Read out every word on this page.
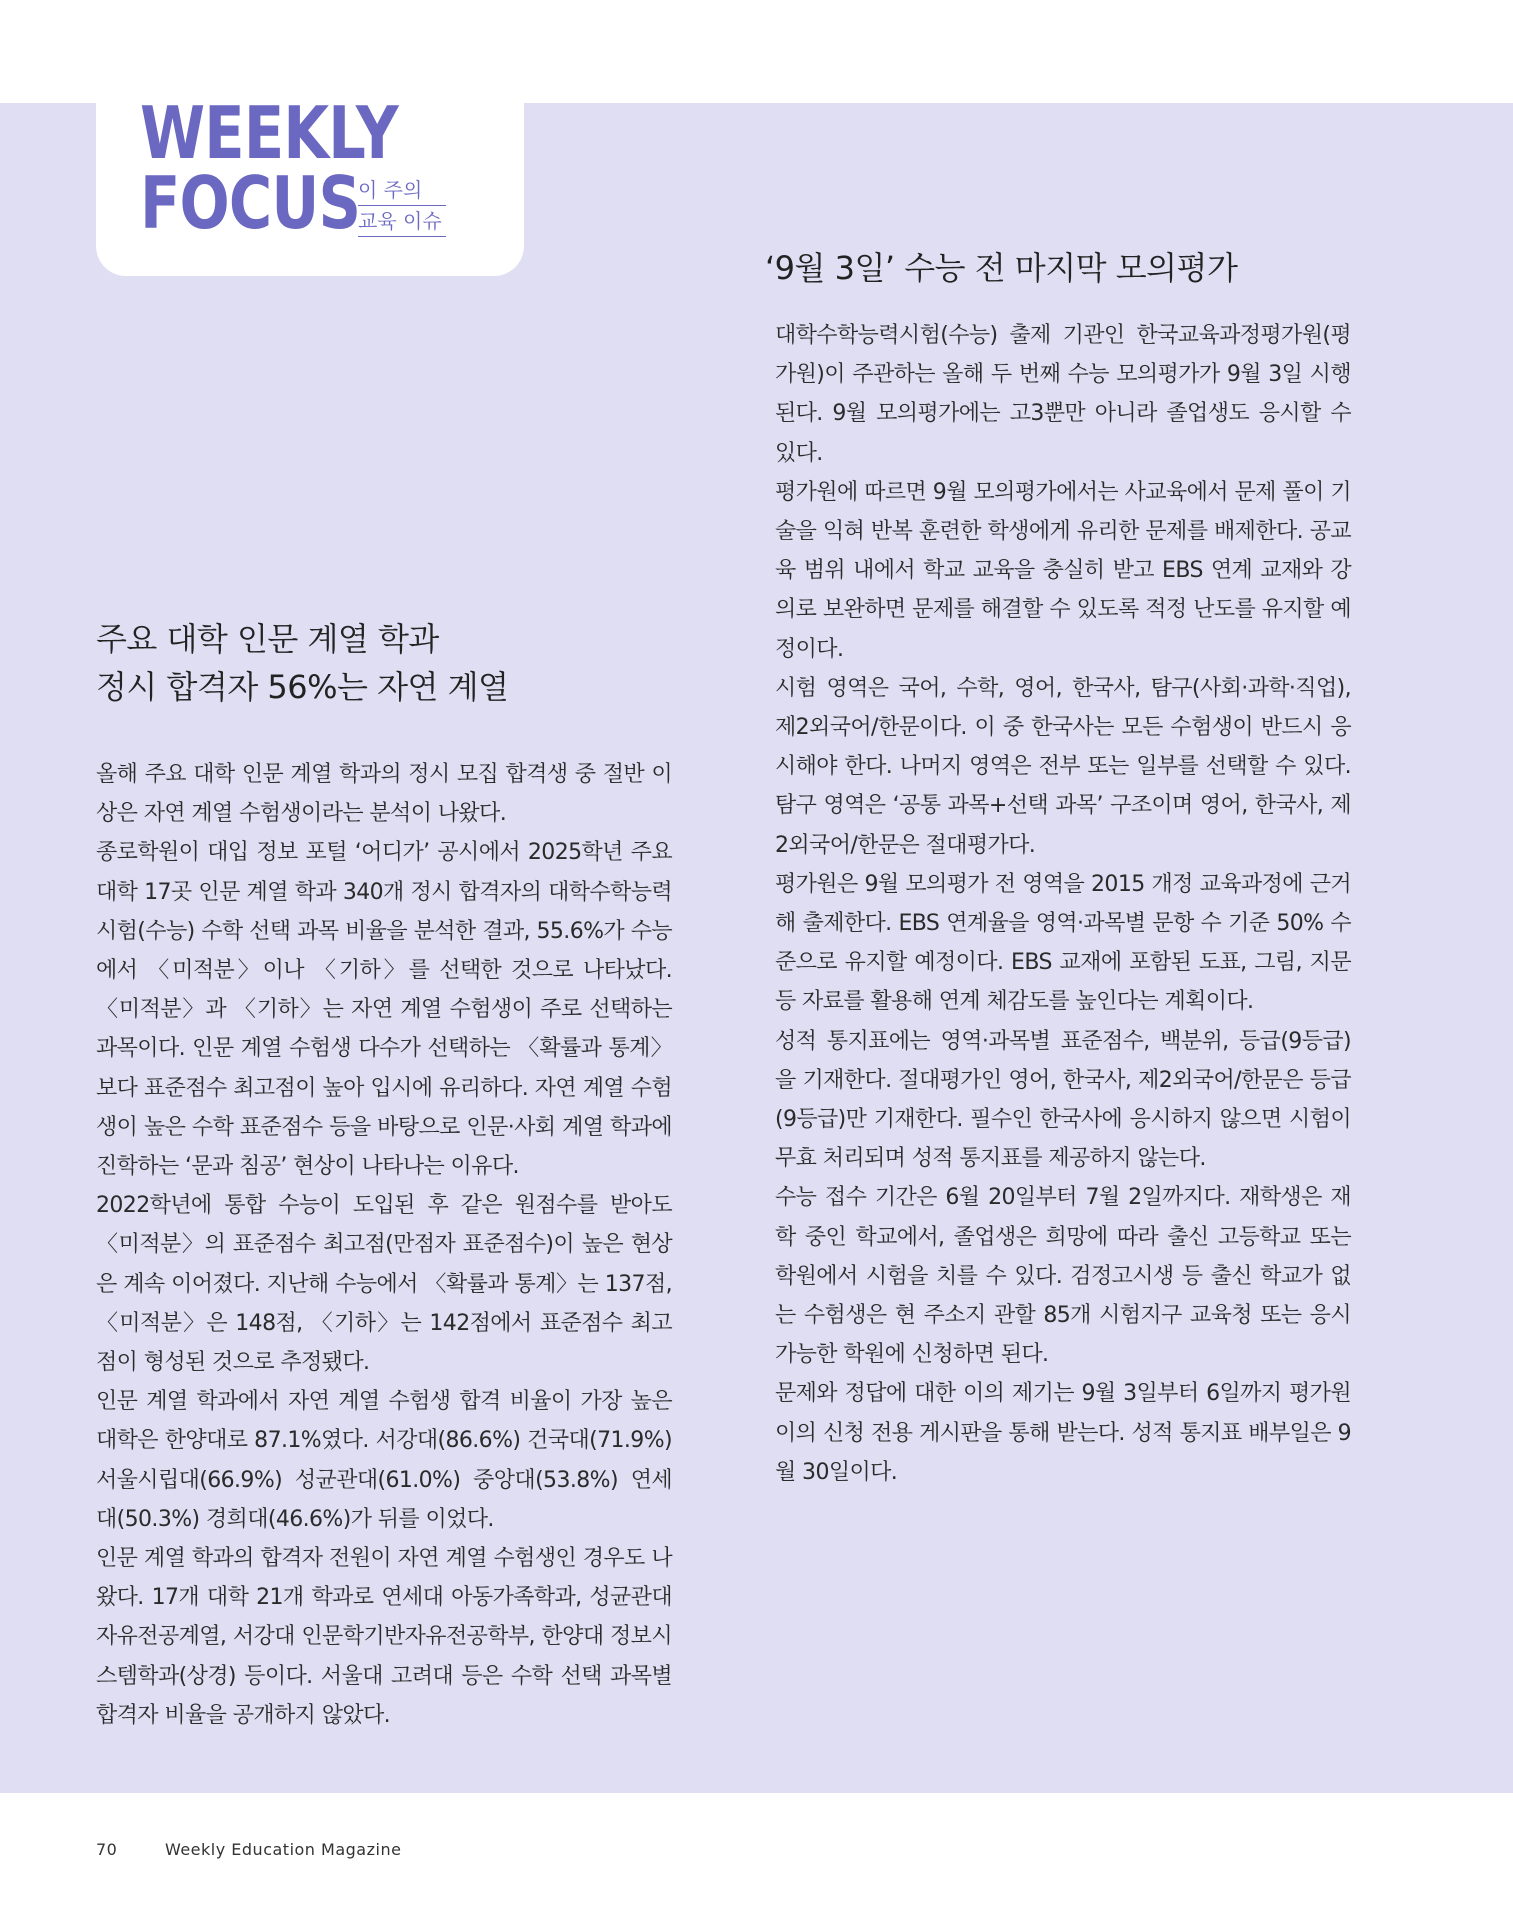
WEEKLY
FOCUS
이 주의
교육 이슈
주요 대학 인문 계열 학과
정시 합격자 56%는 자연 계열

올해 주요 대학 인문 계열 학과의 정시 모집 합격생 중 절반 이상은 자연 계열 수험생이라는 분석이 나왔다.

종로학원이 대입 정보 포털 ‘어디가’ 공시에서 2025학년 주요 대학 17곳 인문 계열 학과 340개 정시 합격자의 대학수학능력시험(수능) 수학 선택 과목 비율을 분석한 결과, 55.6%가 수능에서 〈미적분〉이나 〈기하〉를 선택한 것으로 나타났다. 〈미적분〉과 〈기하〉는 자연 계열 수험생이 주로 선택하는 과목이다. 인문 계열 수험생 다수가 선택하는 〈확률과 통계〉보다 표준점수 최고점이 높아 입시에 유리하다. 자연 계열 수험생이 높은 수학 표준점수 등을 바탕으로 인문·사회 계열 학과에 진학하는 ‘문과 침공’ 현상이 나타나는 이유다.

2022학년에 통합 수능이 도입된 후 같은 원점수를 받아도 〈미적분〉의 표준점수 최고점(만점자 표준점수)이 높은 현상은 계속 이어졌다. 지난해 수능에서 〈확률과 통계〉는 137점, 〈미적분〉은 148점, 〈기하〉는 142점에서 표준점수 최고점이 형성된 것으로 추정됐다.

인문 계열 학과에서 자연 계열 수험생 합격 비율이 가장 높은 대학은 한양대로 87.1%였다. 서강대(86.6%) 건국대(71.9%) 서울시립대(66.9%) 성균관대(61.0%) 중앙대(53.8%) 연세대(50.3%) 경희대(46.6%)가 뒤를 이었다.

인문 계열 학과의 합격자 전원이 자연 계열 수험생인 경우도 나왔다. 17개 대학 21개 학과로 연세대 아동가족학과, 성균관대 자유전공계열, 서강대 인문학기반자유전공학부, 한양대 정보시스템학과(상경) 등이다. 서울대 고려대 등은 수학 선택 과목별 합격자 비율을 공개하지 않았다.

‘9월 3일’ 수능 전 마지막 모의평가

대학수학능력시험(수능) 출제 기관인 한국교육과정평가원(평가원)이 주관하는 올해 두 번째 수능 모의평가가 9월 3일 시행된다. 9월 모의평가에는 고3뿐만 아니라 졸업생도 응시할 수 있다.

평가원에 따르면 9월 모의평가에서는 사교육에서 문제 풀이 기술을 익혀 반복 훈련한 학생에게 유리한 문제를 배제한다. 공교육 범위 내에서 학교 교육을 충실히 받고 EBS 연계 교재와 강의로 보완하면 문제를 해결할 수 있도록 적정 난도를 유지할 예정이다.

시험 영역은 국어, 수학, 영어, 한국사, 탐구(사회·과학·직업), 제2외국어/한문이다. 이 중 한국사는 모든 수험생이 반드시 응시해야 한다. 나머지 영역은 전부 또는 일부를 선택할 수 있다. 탐구 영역은 ‘공통 과목+선택 과목’ 구조이며 영어, 한국사, 제2외국어/한문은 절대평가다.

평가원은 9월 모의평가 전 영역을 2015 개정 교육과정에 근거해 출제한다. EBS 연계율을 영역·과목별 문항 수 기준 50% 수준으로 유지할 예정이다. EBS 교재에 포함된 도표, 그림, 지문 등 자료를 활용해 연계 체감도를 높인다는 계획이다.

성적 통지표에는 영역·과목별 표준점수, 백분위, 등급(9등급)을 기재한다. 절대평가인 영어, 한국사, 제2외국어/한문은 등급(9등급)만 기재한다. 필수인 한국사에 응시하지 않으면 시험이 무효 처리되며 성적 통지표를 제공하지 않는다.

수능 접수 기간은 6월 20일부터 7월 2일까지다. 재학생은 재학 중인 학교에서, 졸업생은 희망에 따라 출신 고등학교 또는 학원에서 시험을 치를 수 있다. 검정고시생 등 출신 학교가 없는 수험생은 현 주소지 관할 85개 시험지구 교육청 또는 응시 가능한 학원에 신청하면 된다.

문제와 정답에 대한 이의 제기는 9월 3일부터 6일까지 평가원 이의 신청 전용 게시판을 통해 받는다. 성적 통지표 배부일은 9월 30일이다.

70	Weekly Education Magazine
